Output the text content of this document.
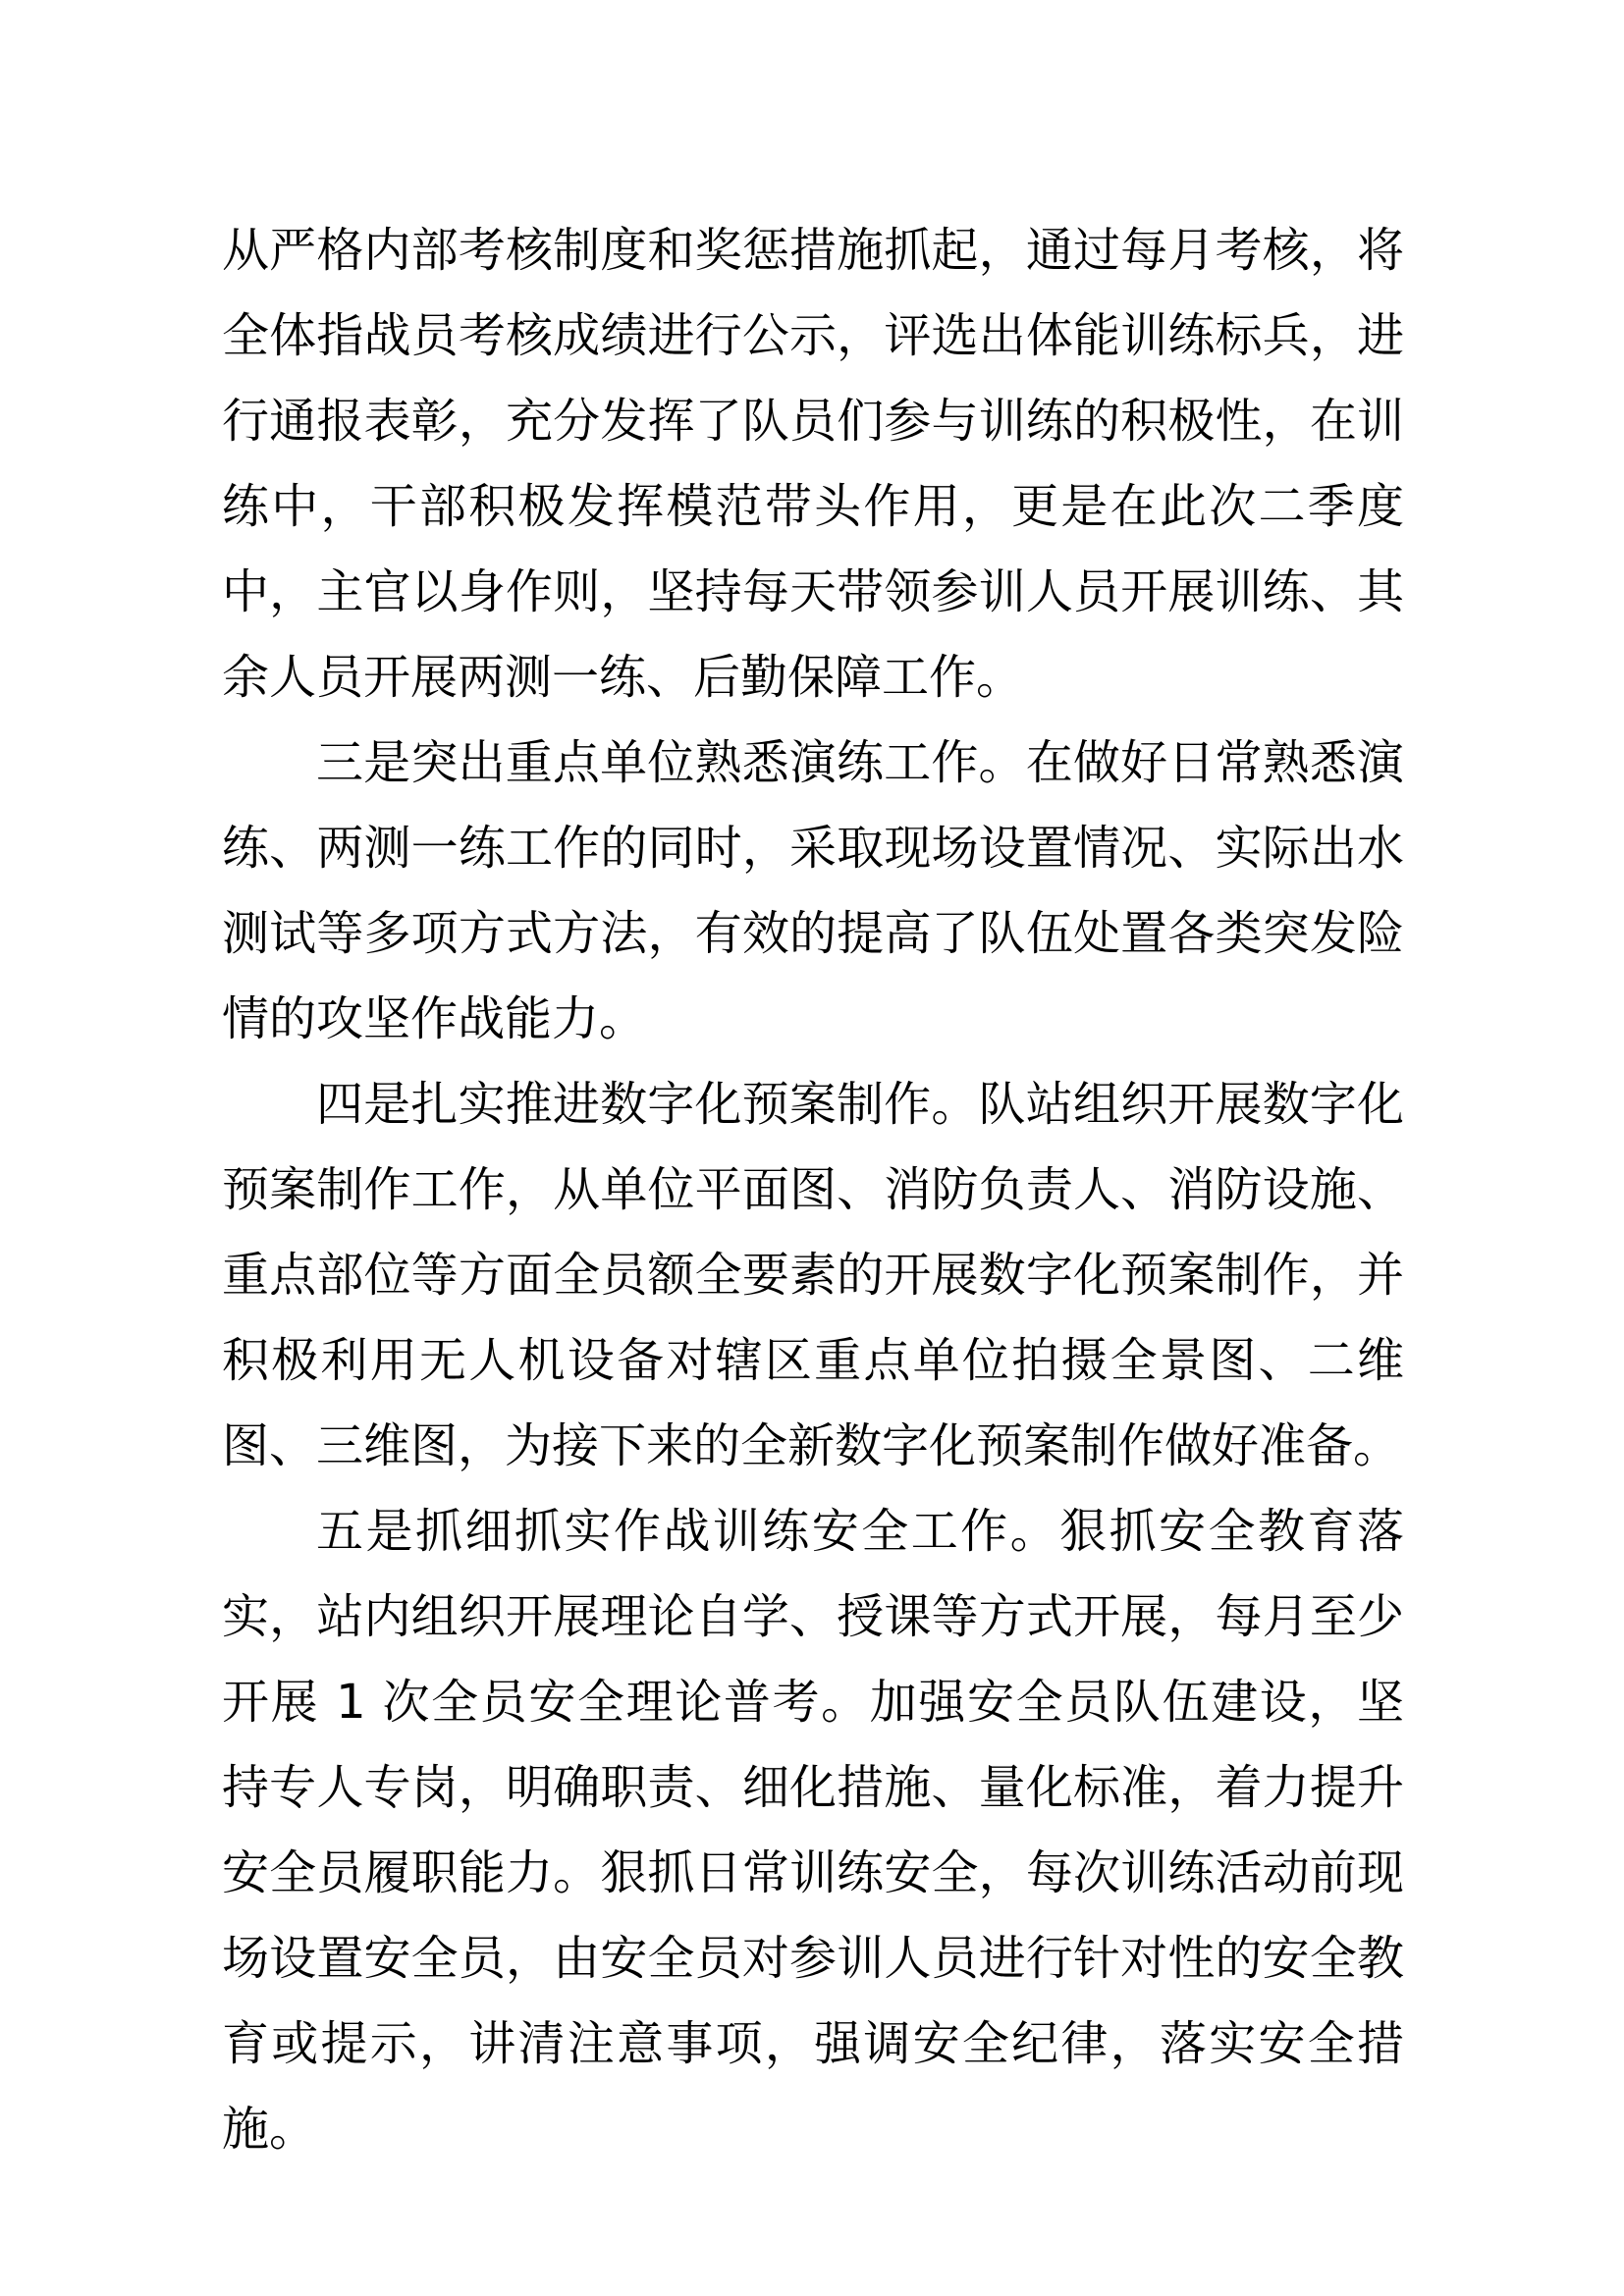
从严格内部考核制度和奖惩措施抓起，通过每月考核，将全体指战员考核成绩进行公示，评选出体能训练标兵，进行通报表彰，充分发挥了队员们参与训练的积极性，在训练中，干部积极发挥模范带头作用，更是在此次二季度中，主官以身作则，坚持每天带领参训人员开展训练、其余人员开展两测一练、后勤保障工作。

三是突出重点单位熟悉演练工作。在做好日常熟悉演练、两测一练工作的同时，采取现场设置情况、实际出水测试等多项方式方法，有效的提高了队伍处置各类突发险情的攻坚作战能力。

四是扎实推进数字化预案制作。队站组织开展数字化预案制作工作，从单位平面图、消防负责人、消防设施、重点部位等方面全员额全要素的开展数字化预案制作，并积极利用无人机设备对辖区重点单位拍摄全景图、二维图、三维图，为接下来的全新数字化预案制作做好准备。

五是抓细抓实作战训练安全工作。狠抓安全教育落实，站内组织开展理论自学、授课等方式开展，每月至少开展 1 次全员安全理论普考。加强安全员队伍建设，坚持专人专岗，明确职责、细化措施、量化标准，着力提升安全员履职能力。狠抓日常训练安全，每次训练活动前现场设置安全员，由安全员对参训人员进行针对性的安全教育或提示，讲清注意事项，强调安全纪律，落实安全措施。
